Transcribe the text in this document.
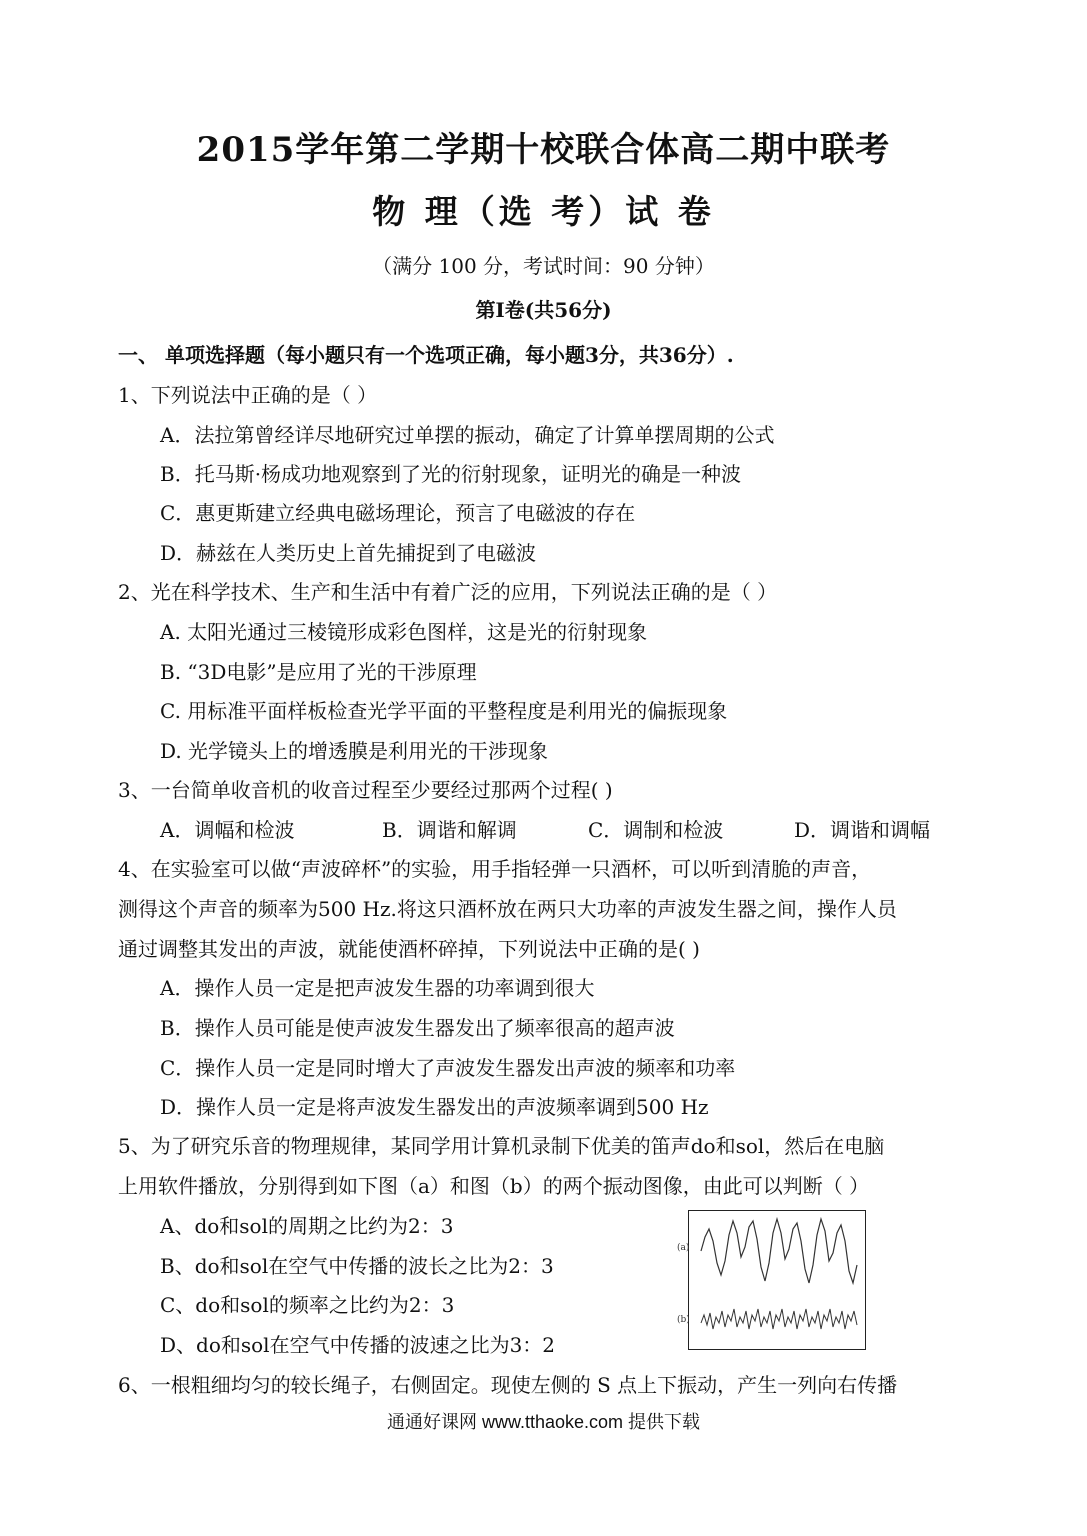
2015学年第二学期十校联合体高二期中联考
物 理（选 考）试 卷
（满分 100 分，考试时间：90 分钟）
第Ⅰ卷(共56分)
一、 单项选择题（每小题只有一个选项正确，每小题3分，共36分）.
1、下列说法中正确的是（ ）
A．法拉第曾经详尽地研究过单摆的振动，确定了计算单摆周期的公式
B．托马斯·杨成功地观察到了光的衍射现象，证明光的确是一种波
C．惠更斯建立经典电磁场理论，预言了电磁波的存在
D．赫兹在人类历史上首先捕捉到了电磁波
2、光在科学技术、生产和生活中有着广泛的应用，下列说法正确的是（ ）
A. 太阳光通过三棱镜形成彩色图样，这是光的衍射现象
B. “3D电影”是应用了光的干涉原理
C. 用标准平面样板检查光学平面的平整程度是利用光的偏振现象
D. 光学镜头上的增透膜是利用光的干涉现象
3、一台简单收音机的收音过程至少要经过那两个过程( )
A．调幅和检波	B．调谐和解调	C．调制和检波	D．调谐和调幅
4、在实验室可以做“声波碎杯”的实验，用手指轻弹一只酒杯，可以听到清脆的声音，
测得这个声音的频率为500 Hz.将这只酒杯放在两只大功率的声波发生器之间，操作人员
通过调整其发出的声波，就能使酒杯碎掉，下列说法中正确的是( )
A．操作人员一定是把声波发生器的功率调到很大
B．操作人员可能是使声波发生器发出了频率很高的超声波
C．操作人员一定是同时增大了声波发生器发出声波的频率和功率
D．操作人员一定是将声波发生器发出的声波频率调到500 Hz
5、为了研究乐音的物理规律，某同学用计算机录制下优美的笛声do和sol，然后在电脑
上用软件播放，分别得到如下图（a）和图（b）的两个振动图像，由此可以判断（ ）
A、do和sol的周期之比约为2：3
B、do和sol在空气中传播的波长之比为2：3
C、do和sol的频率之比约为2：3
D、do和sol在空气中传播的波速之比为3：2
(a)
(b)
6、一根粗细均匀的较长绳子，右侧固定。现使左侧的 S 点上下振动，产生一列向右传播
通通好课网 www.tthaoke.com 提供下载
